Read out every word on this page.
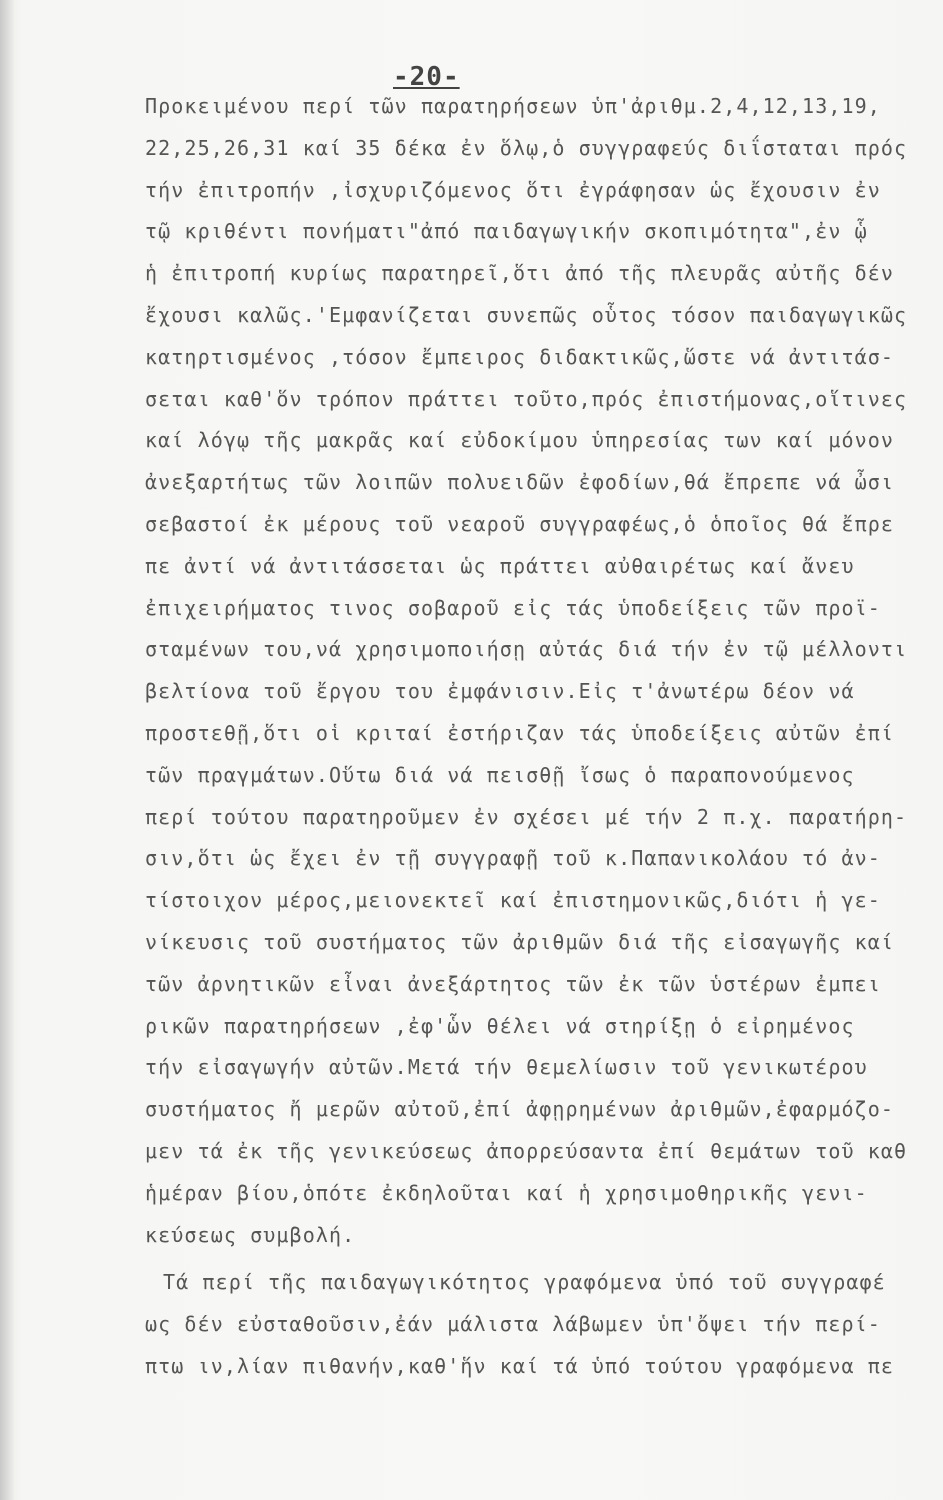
-20-
Προκειμένου περί τῶν παρατηρήσεων ὑπ'ἀριθμ.2,4,12,13,19,
22,25,26,31 καί 35 δέκα ἐν ὅλῳ,ὁ συγγραφεύς διΐσταται πρός
τήν ἐπιτροπήν ,ἰσχυριζόμενος ὅτι ἐγράφησαν ὡς ἔχουσιν ἐν
τῷ κριθέντι πονήματι"ἀπό παιδαγωγικήν σκοπιμότητα",ἐν ᾧ
ἡ ἐπιτροπή κυρίως παρατηρεῖ,ὅτι ἀπό τῆς πλευρᾶς αὐτῆς δέν
ἔχουσι καλῶς.'Εμφανίζεται συνεπῶς οὗτος τόσον παιδαγωγικῶς
κατηρτισμένος ,τόσον ἔμπειρος διδακτικῶς,ὥστε νά ἀντιτάσ-
σεται καθ'ὅν τρόπον πράττει τοῦτο,πρός ἐπιστήμονας,οἵτινες
καί λόγῳ τῆς μακρᾶς καί εὐδοκίμου ὑπηρεσίας των καί μόνον
ἀνεξαρτήτως τῶν λοιπῶν πολυειδῶν ἐφοδίων,θά ἔπρεπε νά ὦσι
σεβαστοί ἐκ μέρους τοῦ νεαροῦ συγγραφέως,ὁ ὁποῖος θά ἔπρε
πε ἀντί νά ἀντιτάσσεται ὡς πράττει αὐθαιρέτως καί ἄνευ
ἐπιχειρήματος τινος σοβαροῦ εἰς τάς ὑποδείξεις τῶν προϊ-
σταμένων του,νά χρησιμοποιήσῃ αὐτάς διά τήν ἐν τῷ μέλλοντι
βελτίονα τοῦ ἔργου του ἐμφάνισιν.Εἰς τ'ἀνωτέρω δέον νά
προστεθῇ,ὅτι οἱ κριταί ἐστήριζαν τάς ὑποδείξεις αὐτῶν ἐπί
τῶν πραγμάτων.Οὕτω διά νά πεισθῇ ἴσως ὁ παραπονούμενος
περί τούτου παρατηροῦμεν ἐν σχέσει μέ τήν 2 π.χ. παρατήρη-
σιν,ὅτι ὡς ἔχει ἐν τῇ συγγραφῇ τοῦ κ.Παπανικολάου τό ἀν-
τίστοιχον μέρος,μειονεκτεῖ καί ἐπιστημονικῶς,διότι ἡ γε-
νίκευσις τοῦ συστήματος τῶν ἀριθμῶν διά τῆς εἰσαγωγῆς καί
τῶν ἀρνητικῶν εἶναι ἀνεξάρτητος τῶν ἐκ τῶν ὑστέρων ἐμπει
ρικῶν παρατηρήσεων ,ἐφ'ὧν θέλει νά στηρίξῃ ὁ εἰρημένος
τήν εἰσαγωγήν αὐτῶν.Μετά τήν θεμελίωσιν τοῦ γενικωτέρου
συστήματος ἤ μερῶν αὐτοῦ,ἐπί ἀφῃρημένων ἀριθμῶν,ἐφαρμόζο-
μεν τά ἐκ τῆς γενικεύσεως ἀπορρεύσαντα ἐπί θεμάτων τοῦ καθ
ἡμέραν βίου,ὁπότε ἐκδηλοῦται καί ἡ χρησιμοθηρικῆς γενι-
κεύσεως συμβολή.
Τά περί τῆς παιδαγωγικότητος γραφόμενα ὑπό τοῦ συγγραφέ
ως δέν εὐσταθοῦσιν,ἐάν μάλιστα λάβωμεν ὑπ'ὄψει τήν περί-
πτω ιν,λίαν πιθανήν,καθ'ἥν καί τά ὑπό τούτου γραφόμενα πε
